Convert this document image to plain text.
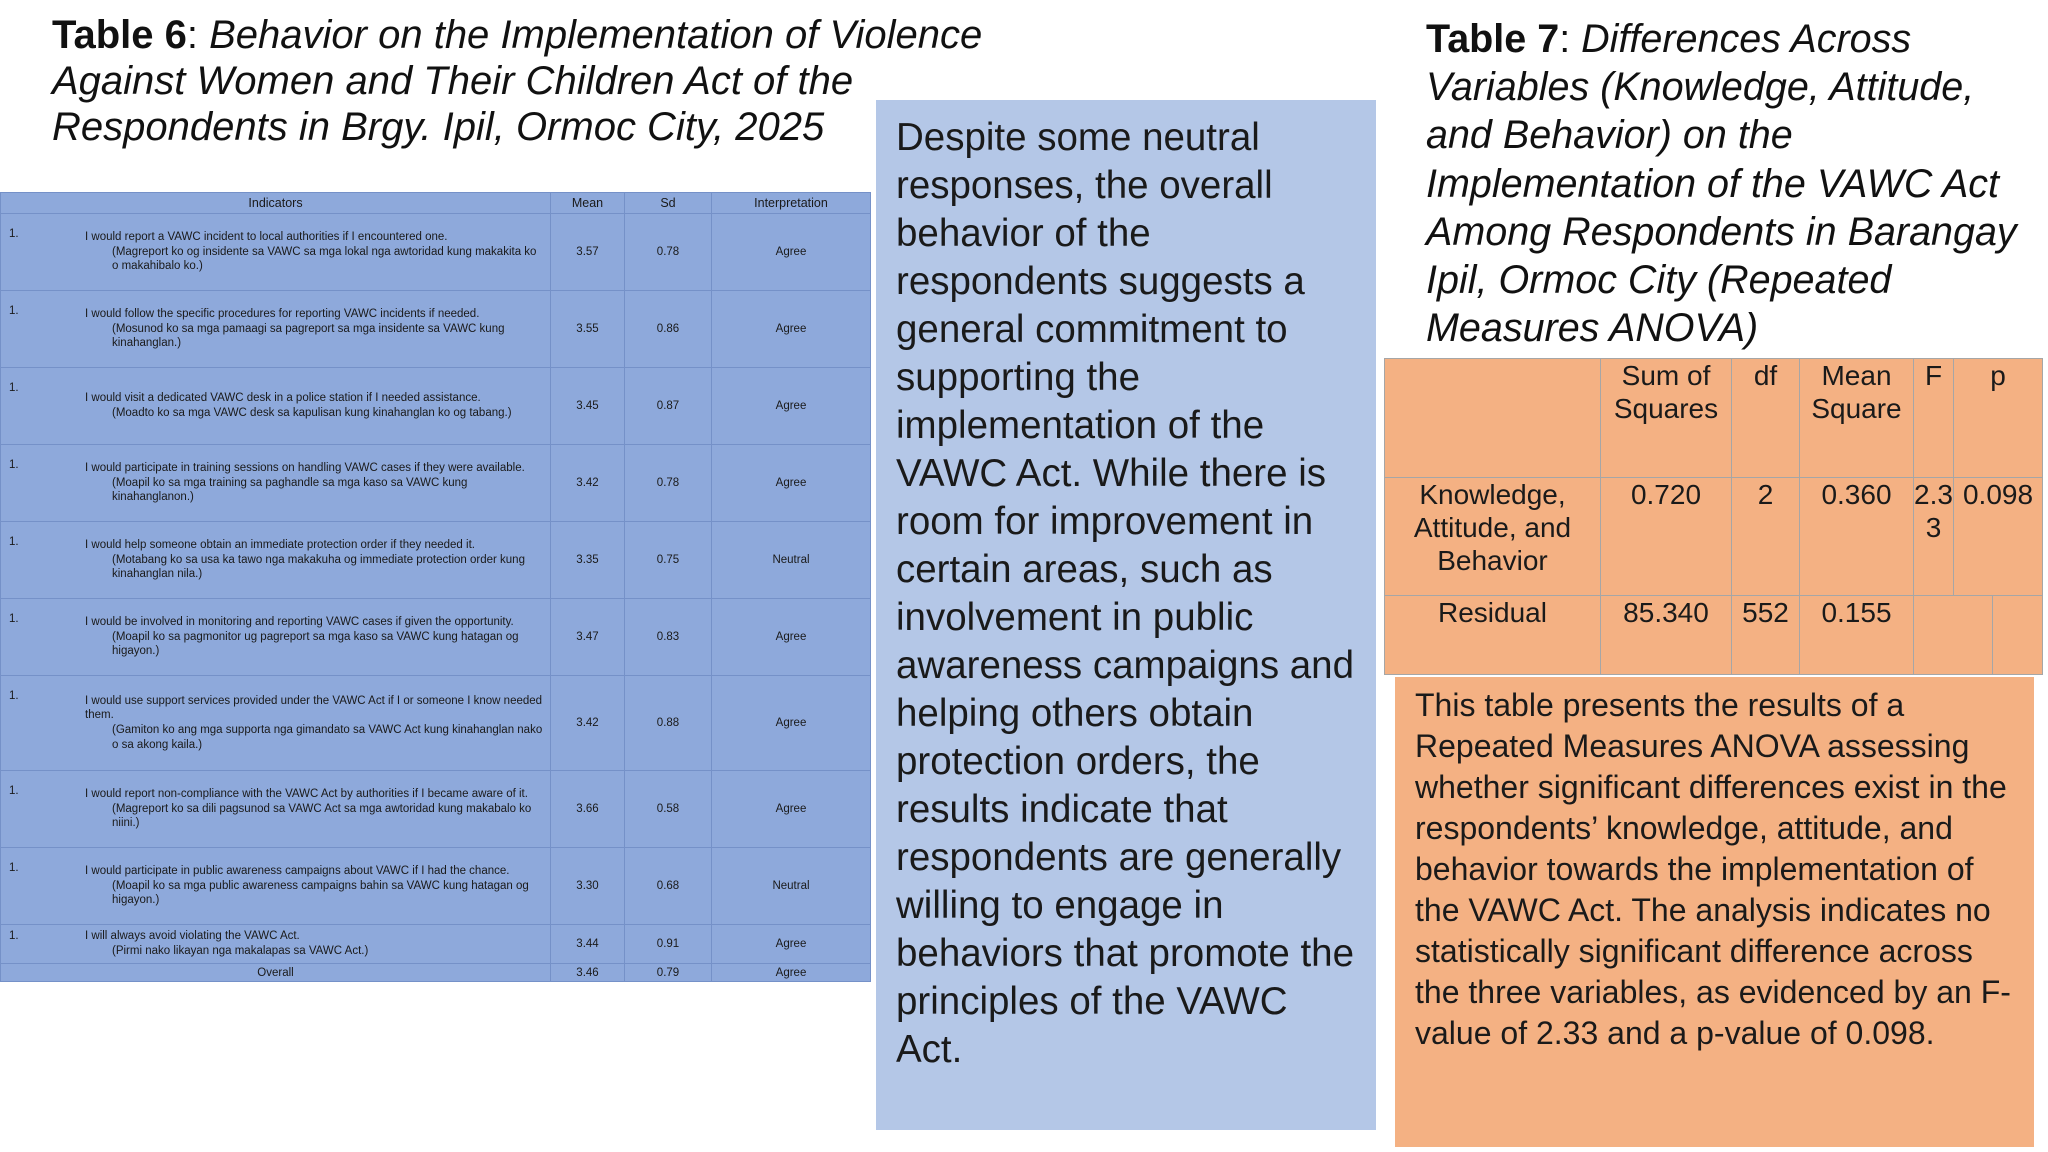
Table 6: Behavior on the Implementation of Violence Against Women and Their Children Act of the Respondents in Brgy. Ipil, Ormoc City, 2025
Indicators	Mean	Sd	Interpretation

1. I would report a VAWC incident to local authorities if I encountered one.
(Magreport ko og insidente sa VAWC sa mga lokal nga awtoridad kung makakita ko o makahibalo ko.)	3.57	0.78	Agree

1. I would follow the specific procedures for reporting VAWC incidents if needed.
(Mosunod ko sa mga pamaagi sa pagreport sa mga insidente sa VAWC kung kinahanglan.)	3.55	0.86	Agree

1.
I would visit a dedicated VAWC desk in a police station if I needed assistance.
(Moadto ko sa mga VAWC desk sa kapulisan kung kinahanglan ko og tabang.)	3.45	0.87	Agree

1. I would participate in training sessions on handling VAWC cases if they were available.
(Moapil ko sa mga training sa paghandle sa mga kaso sa VAWC kung kinahanglanon.)	3.42	0.78	Agree

1. I would help someone obtain an immediate protection order if they needed it.
(Motabang ko sa usa ka tawo nga makakuha og immediate protection order kung kinahanglan nila.)	3.35	0.75	Neutral

1. I would be involved in monitoring and reporting VAWC cases if given the opportunity.
(Moapil ko sa pagmonitor ug pagreport sa mga kaso sa VAWC kung hatagan og higayon.)	3.47	0.83	Agree

1. I would use support services provided under the VAWC Act if I or someone I know needed them.
(Gamiton ko ang mga supporta nga gimandato sa VAWC Act kung kinahanglan nako o sa akong kaila.)	3.42	0.88	Agree

1. I would report non-compliance with the VAWC Act by authorities if I became aware of it.
(Magreport ko sa dili pagsunod sa VAWC Act sa mga awtoridad kung makabalo ko niini.)	3.66	0.58	Agree

1. I would participate in public awareness campaigns about VAWC if I had the chance.
(Moapil ko sa mga public awareness campaigns bahin sa VAWC kung hatagan og higayon.)	3.30	0.68	Neutral

1. I will always avoid violating the VAWC Act.
(Pirmi nako likayan nga makalapas sa VAWC Act.)	3.44	0.91	Agree
Overall	3.46	0.79	Agree
Despite some neutral responses, the overall behavior of the respondents suggests a general commitment to supporting the implementation of the VAWC Act. While there is room for improvement in certain areas, such as involvement in public awareness campaigns and helping others obtain protection orders, the results indicate that respondents are generally willing to engage in behaviors that promote the principles of the VAWC Act.
Table 7: Differences Across Variables (Knowledge, Attitude, and Behavior) on the Implementation of the VAWC Act Among Respondents in Barangay Ipil, Ormoc City (Repeated Measures ANOVA)
	Sum of Squares	df	Mean Square	F	p	
Knowledge, Attitude, and Behavior	0.720	2	0.360	2.33	0.098	
Residual	85.340	552	0.155			
This table presents the results of a Repeated Measures ANOVA assessing whether significant differences exist in the respondents’ knowledge, attitude, and behavior towards the implementation of the VAWC Act. The analysis indicates no statistically significant difference across the three variables, as evidenced by an F-value of 2.33 and a p-value of 0.098.
